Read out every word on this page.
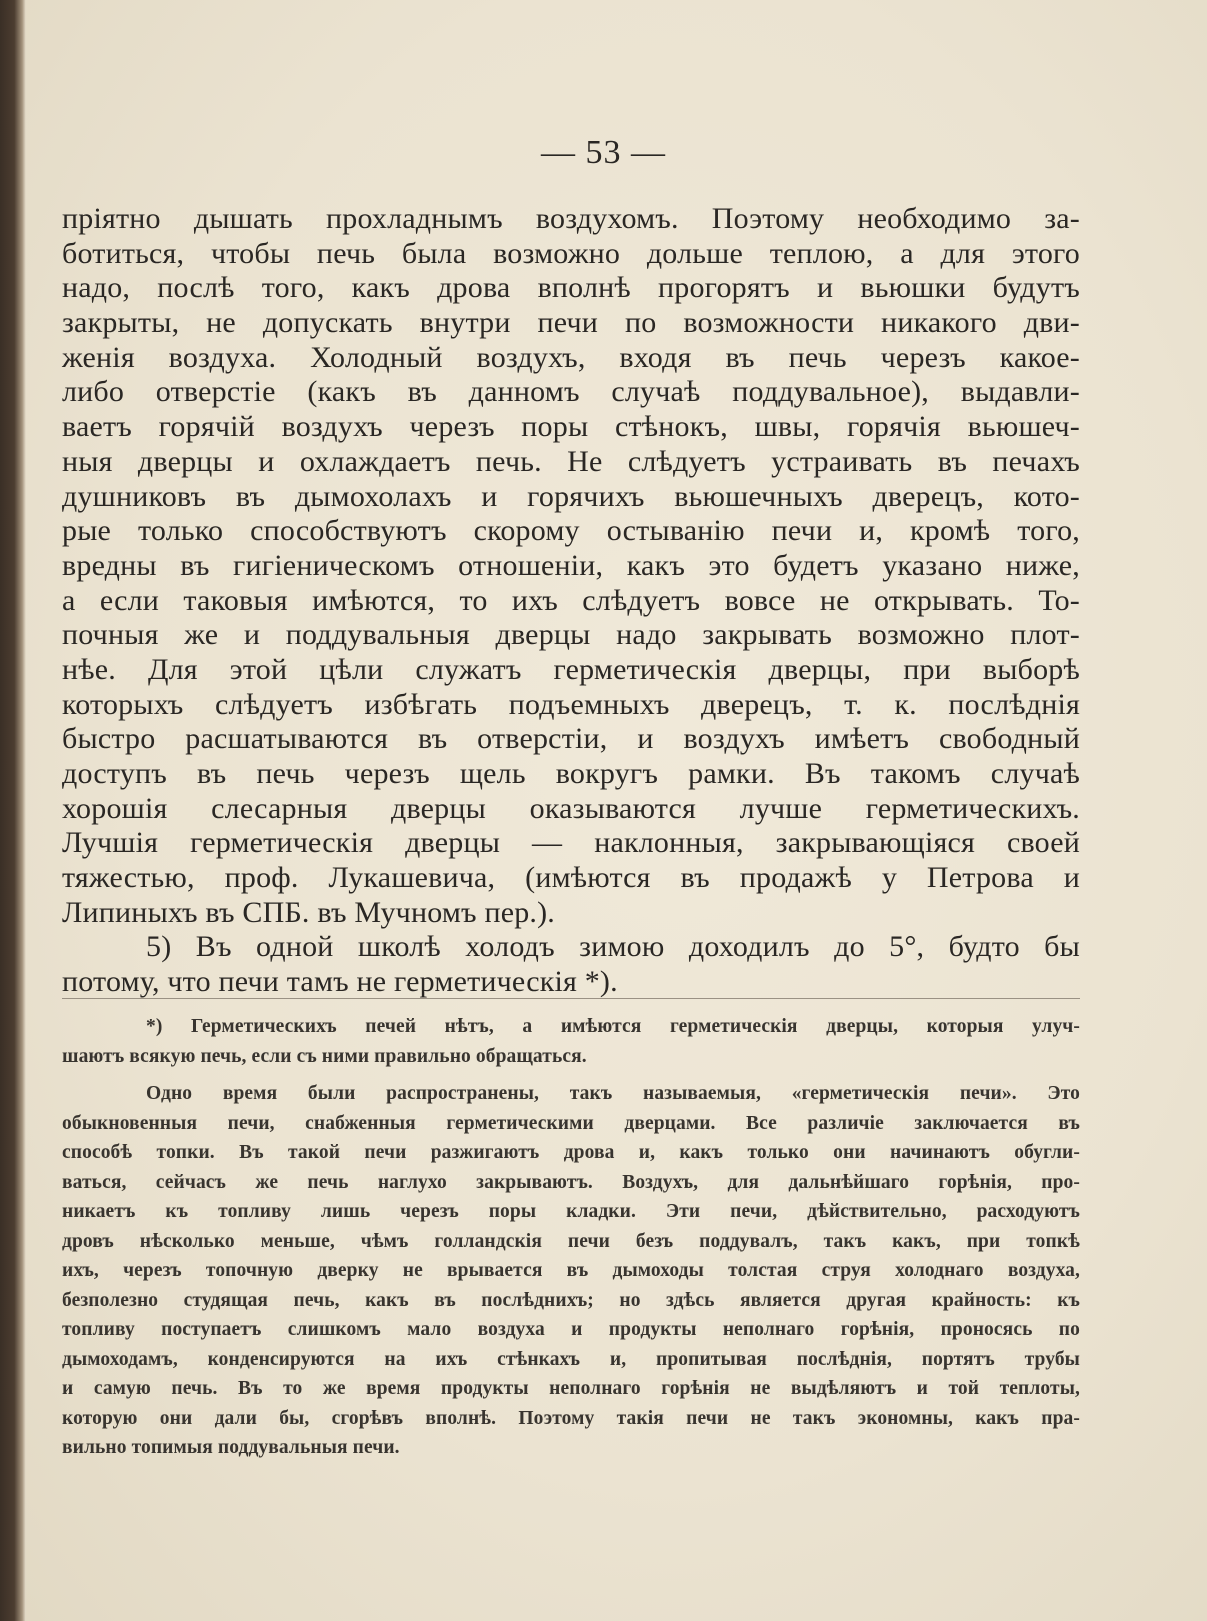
— 53 —

пріятно дышать прохладнымъ воздухомъ. Поэтому необходимо за-

ботиться, чтобы печь была возможно дольше теплою, а для этого

надо, послѣ того, какъ дрова вполнѣ прогорятъ и вьюшки будутъ

закрыты, не допускать внутри печи по возможности никакого дви-

женія воздуха. Холодный воздухъ, входя въ печь черезъ какое-

либо отверстіе (какъ въ данномъ случаѣ поддувальное), выдавли-

ваетъ горячій воздухъ черезъ поры стѣнокъ, швы, горячія вьюшеч-

ныя дверцы и охлаждаетъ печь. Не слѣдуетъ устраивать въ печахъ

душниковъ въ дымохолахъ и горячихъ вьюшечныхъ дверецъ, кото-

рые только способствуютъ скорому остыванію печи и, кромѣ того,

вредны въ гигіеническомъ отношеніи, какъ это будетъ указано ниже,

а если таковыя имѣются, то ихъ слѣдуетъ вовсе не открывать. То-

почныя же и поддувальныя дверцы надо закрывать возможно плот-

нѣе. Для этой цѣли служатъ герметическія дверцы, при выборѣ

которыхъ слѣдуетъ избѣгать подъемныхъ дверецъ, т. к. послѣднія

быстро расшатываются въ отверстіи, и воздухъ имѣетъ свободный

доступъ въ печь черезъ щель вокругъ рамки. Въ такомъ случаѣ

хорошія слесарныя дверцы оказываются лучше герметическихъ.

Лучшія герметическія дверцы — наклонныя, закрывающіяся своей

тяжестью, проф. Лукашевича, (имѣются въ продажѣ у Петрова и

Липиныхъ въ СПБ. въ Мучномъ пер.).

5) Въ одной школѣ холодъ зимою доходилъ до 5°, будто бы

потому, что печи тамъ не герметическія *).

*) Герметическихъ печей нѣтъ, а имѣются герметическія дверцы, которыя улуч-

шаютъ всякую печь, если съ ними правильно обращаться.

Одно время были распространены, такъ называемыя, «герметическія печи». Это

обыкновенныя печи, снабженныя герметическими дверцами. Все различіе заключается въ

способѣ топки. Въ такой печи разжигаютъ дрова и, какъ только они начинаютъ обугли-

ваться, сейчасъ же печь наглухо закрываютъ. Воздухъ, для дальнѣйшаго горѣнія, про-

никаетъ къ топливу лишь черезъ поры кладки. Эти печи, дѣйствительно, расходуютъ

дровъ нѣсколько меньше, чѣмъ голландскія печи безъ поддувалъ, такъ какъ, при топкѣ

ихъ, черезъ топочную дверку не врывается въ дымоходы толстая струя холоднаго воздуха,

безполезно студящая печь, какъ въ послѣднихъ; но здѣсь является другая крайность: къ

топливу поступаетъ слишкомъ мало воздуха и продукты неполнаго горѣнія, проносясь по

дымоходамъ, конденсируются на ихъ стѣнкахъ и, пропитывая послѣднія, портятъ трубы

и самую печь. Въ то же время продукты неполнаго горѣнія не выдѣляютъ и той теплоты,

которую они дали бы, сгорѣвъ вполнѣ. Поэтому такія печи не такъ экономны, какъ пра-

вильно топимыя поддувальныя печи.
